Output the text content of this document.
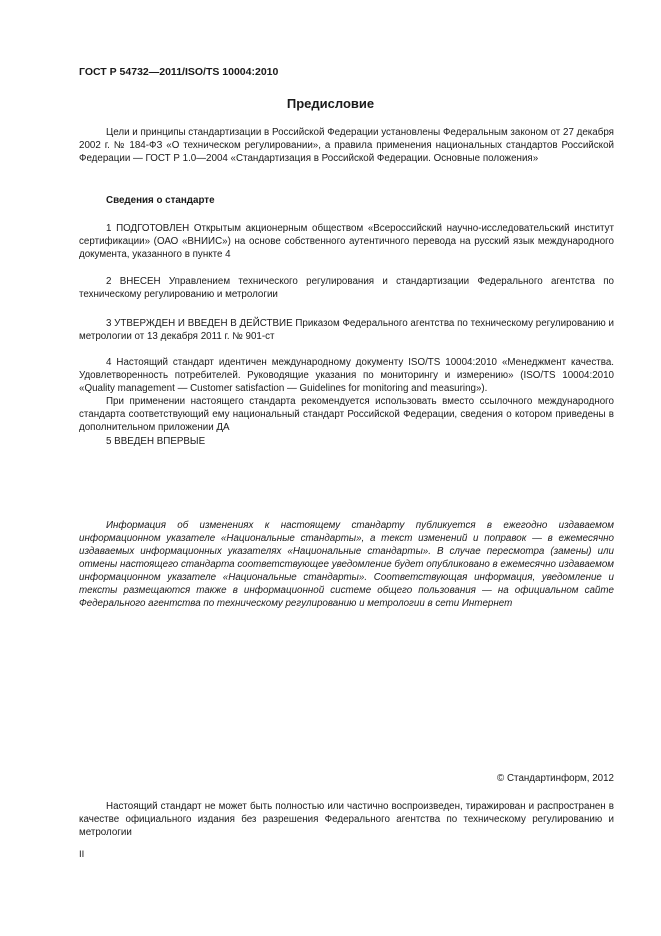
ГОСТ Р 54732—2011/ISO/TS 10004:2010
Предисловие

Цели и принципы стандартизации в Российской Федерации установлены Федеральным законом от 27 декабря 2002 г. № 184-ФЗ «О техническом регулировании», а правила применения национальных стандартов Российской Федерации — ГОСТ Р 1.0—2004 «Стандартизация в Российской Федерации. Основные положения»

Сведения о стандарте

1 ПОДГОТОВЛЕН Открытым акционерным обществом «Всероссийский научно-исследовательский институт сертификации» (ОАО «ВНИИС») на основе собственного аутентичного перевода на русский язык международного документа, указанного в пункте 4

2 ВНЕСЕН Управлением технического регулирования и стандартизации Федерального агентства по техническому регулированию и метрологии

3 УТВЕРЖДЕН И ВВЕДЕН В ДЕЙСТВИЕ Приказом Федерального агентства по техническому регулированию и метрологии от 13 декабря 2011 г. № 901-ст

4 Настоящий стандарт идентичен международному документу ISO/TS 10004:2010 «Менеджмент качества. Удовлетворенность потребителей. Руководящие указания по мониторингу и измерению» (ISO/TS 10004:2010 «Quality management — Customer satisfaction — Guidelines for monitoring and measuring»).

При применении настоящего стандарта рекомендуется использовать вместо ссылочного международного стандарта соответствующий ему национальный стандарт Российской Федерации, сведения о котором приведены в дополнительном приложении ДА

5 ВВЕДЕН ВПЕРВЫЕ

Информация об изменениях к настоящему стандарту публикуется в ежегодно издаваемом информационном указателе «Национальные стандарты», а текст изменений и поправок — в ежемесячно издаваемых информационных указателях «Национальные стандарты». В случае пересмотра (замены) или отмены настоящего стандарта соответствующее уведомление будет опубликовано в ежемесячно издаваемом информационном указателе «Национальные стандарты». Соответствующая информация, уведомление и тексты размещаются также в информационной системе общего пользования — на официальном сайте Федерального агентства по техническому регулированию и метрологии в сети Интернет

© Стандартинформ, 2012

Настоящий стандарт не может быть полностью или частично воспроизведен, тиражирован и распространен в качестве официального издания без разрешения Федерального агентства по техническому регулированию и метрологии

II
